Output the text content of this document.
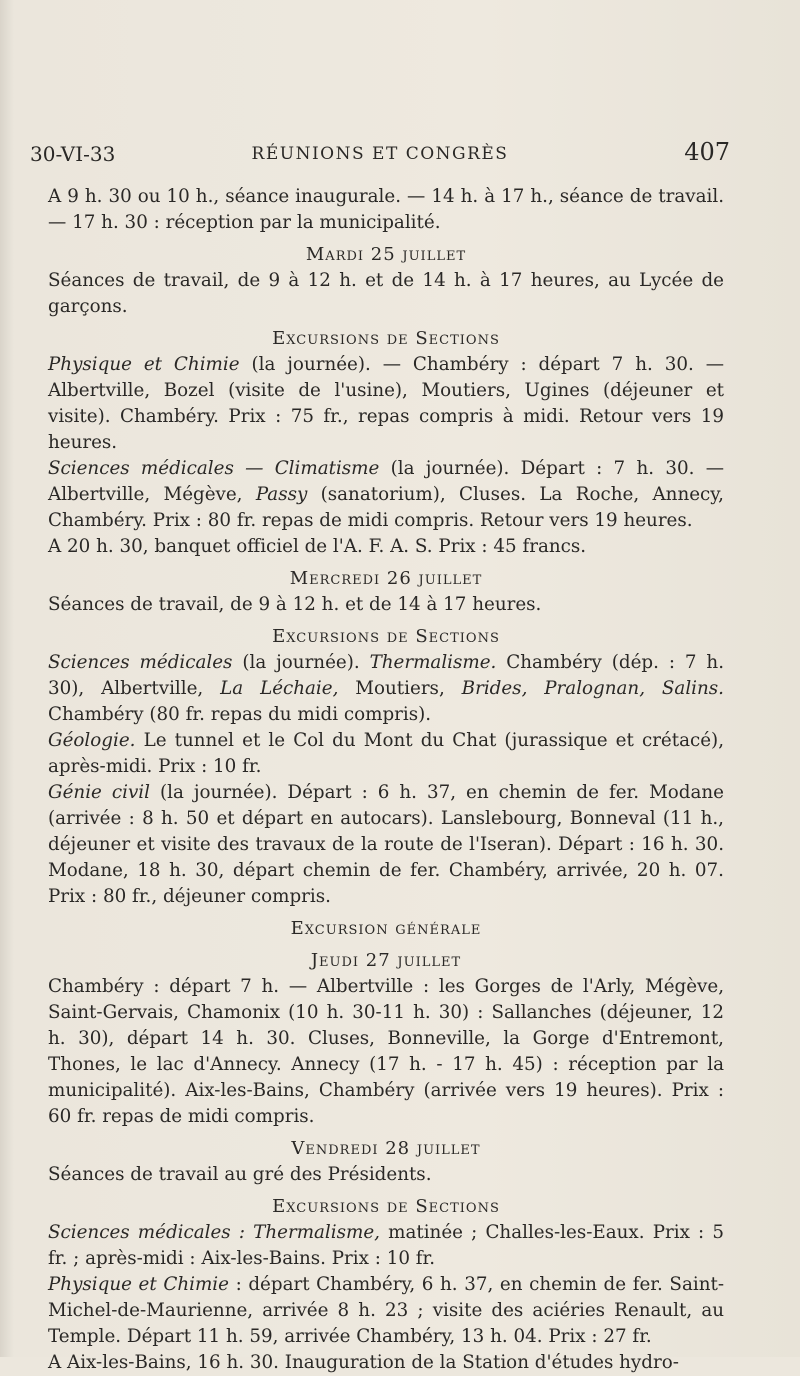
30-VI-33	RÉUNIONS ET CONGRÈS	407

A 9 h. 30 ou 10 h., séance inaugurale. — 14 h. à 17 h., séance de travail. — 17 h. 30 : réception par la municipalité.

Mardi 25 juillet

Séances de travail, de 9 à 12 h. et de 14 h. à 17 heures, au Lycée de garçons.

Excursions de Sections

Physique et Chimie (la journée). — Chambéry : départ 7 h. 30. — Albertville, Bozel (visite de l'usine), Moutiers, Ugines (déjeuner et visite). Chambéry. Prix : 75 fr., repas compris à midi. Retour vers 19 heures.

Sciences médicales — Climatisme (la journée). Départ : 7 h. 30. — Albertville, Mégève, Passy (sanatorium), Cluses. La Roche, Annecy, Chambéry. Prix : 80 fr. repas de midi compris. Retour vers 19 heures.

A 20 h. 30, banquet officiel de l'A. F. A. S. Prix : 45 francs.

Mercredi 26 juillet

Séances de travail, de 9 à 12 h. et de 14 à 17 heures.

Excursions de Sections

Sciences médicales (la journée). Thermalisme. Chambéry (dép. : 7 h. 30), Albertville, La Léchaie, Moutiers, Brides, Pralognan, Salins. Chambéry (80 fr. repas du midi compris).

Géologie. Le tunnel et le Col du Mont du Chat (jurassique et crétacé), après-midi. Prix : 10 fr.

Génie civil (la journée). Départ : 6 h. 37, en chemin de fer. Modane (arrivée : 8 h. 50 et départ en autocars). Lanslebourg, Bonneval (11 h., déjeuner et visite des travaux de la route de l'Iseran). Départ : 16 h. 30. Modane, 18 h. 30, départ chemin de fer. Chambéry, arrivée, 20 h. 07. Prix : 80 fr., déjeuner compris.

Excursion générale
Jeudi 27 juillet

Chambéry : départ 7 h. — Albertville : les Gorges de l'Arly, Mégève, Saint-Gervais, Chamonix (10 h. 30-11 h. 30) : Sallanches (déjeuner, 12 h. 30), départ 14 h. 30. Cluses, Bonneville, la Gorge d'Entremont, Thones, le lac d'Annecy. Annecy (17 h. - 17 h. 45) : réception par la municipalité). Aix-les-Bains, Chambéry (arrivée vers 19 heures). Prix : 60 fr. repas de midi compris.

Vendredi 28 juillet

Séances de travail au gré des Présidents.

Excursions de Sections

Sciences médicales : Thermalisme, matinée ; Challes-les-Eaux. Prix : 5 fr. ; après-midi : Aix-les-Bains. Prix : 10 fr.

Physique et Chimie : départ Chambéry, 6 h. 37, en chemin de fer. Saint-Michel-de-Maurienne, arrivée 8 h. 23 ; visite des aciéries Renault, au Temple. Départ 11 h. 59, arrivée Chambéry, 13 h. 04. Prix : 27 fr.

A Aix-les-Bains, 16 h. 30. Inauguration de la Station d'études hydro-
